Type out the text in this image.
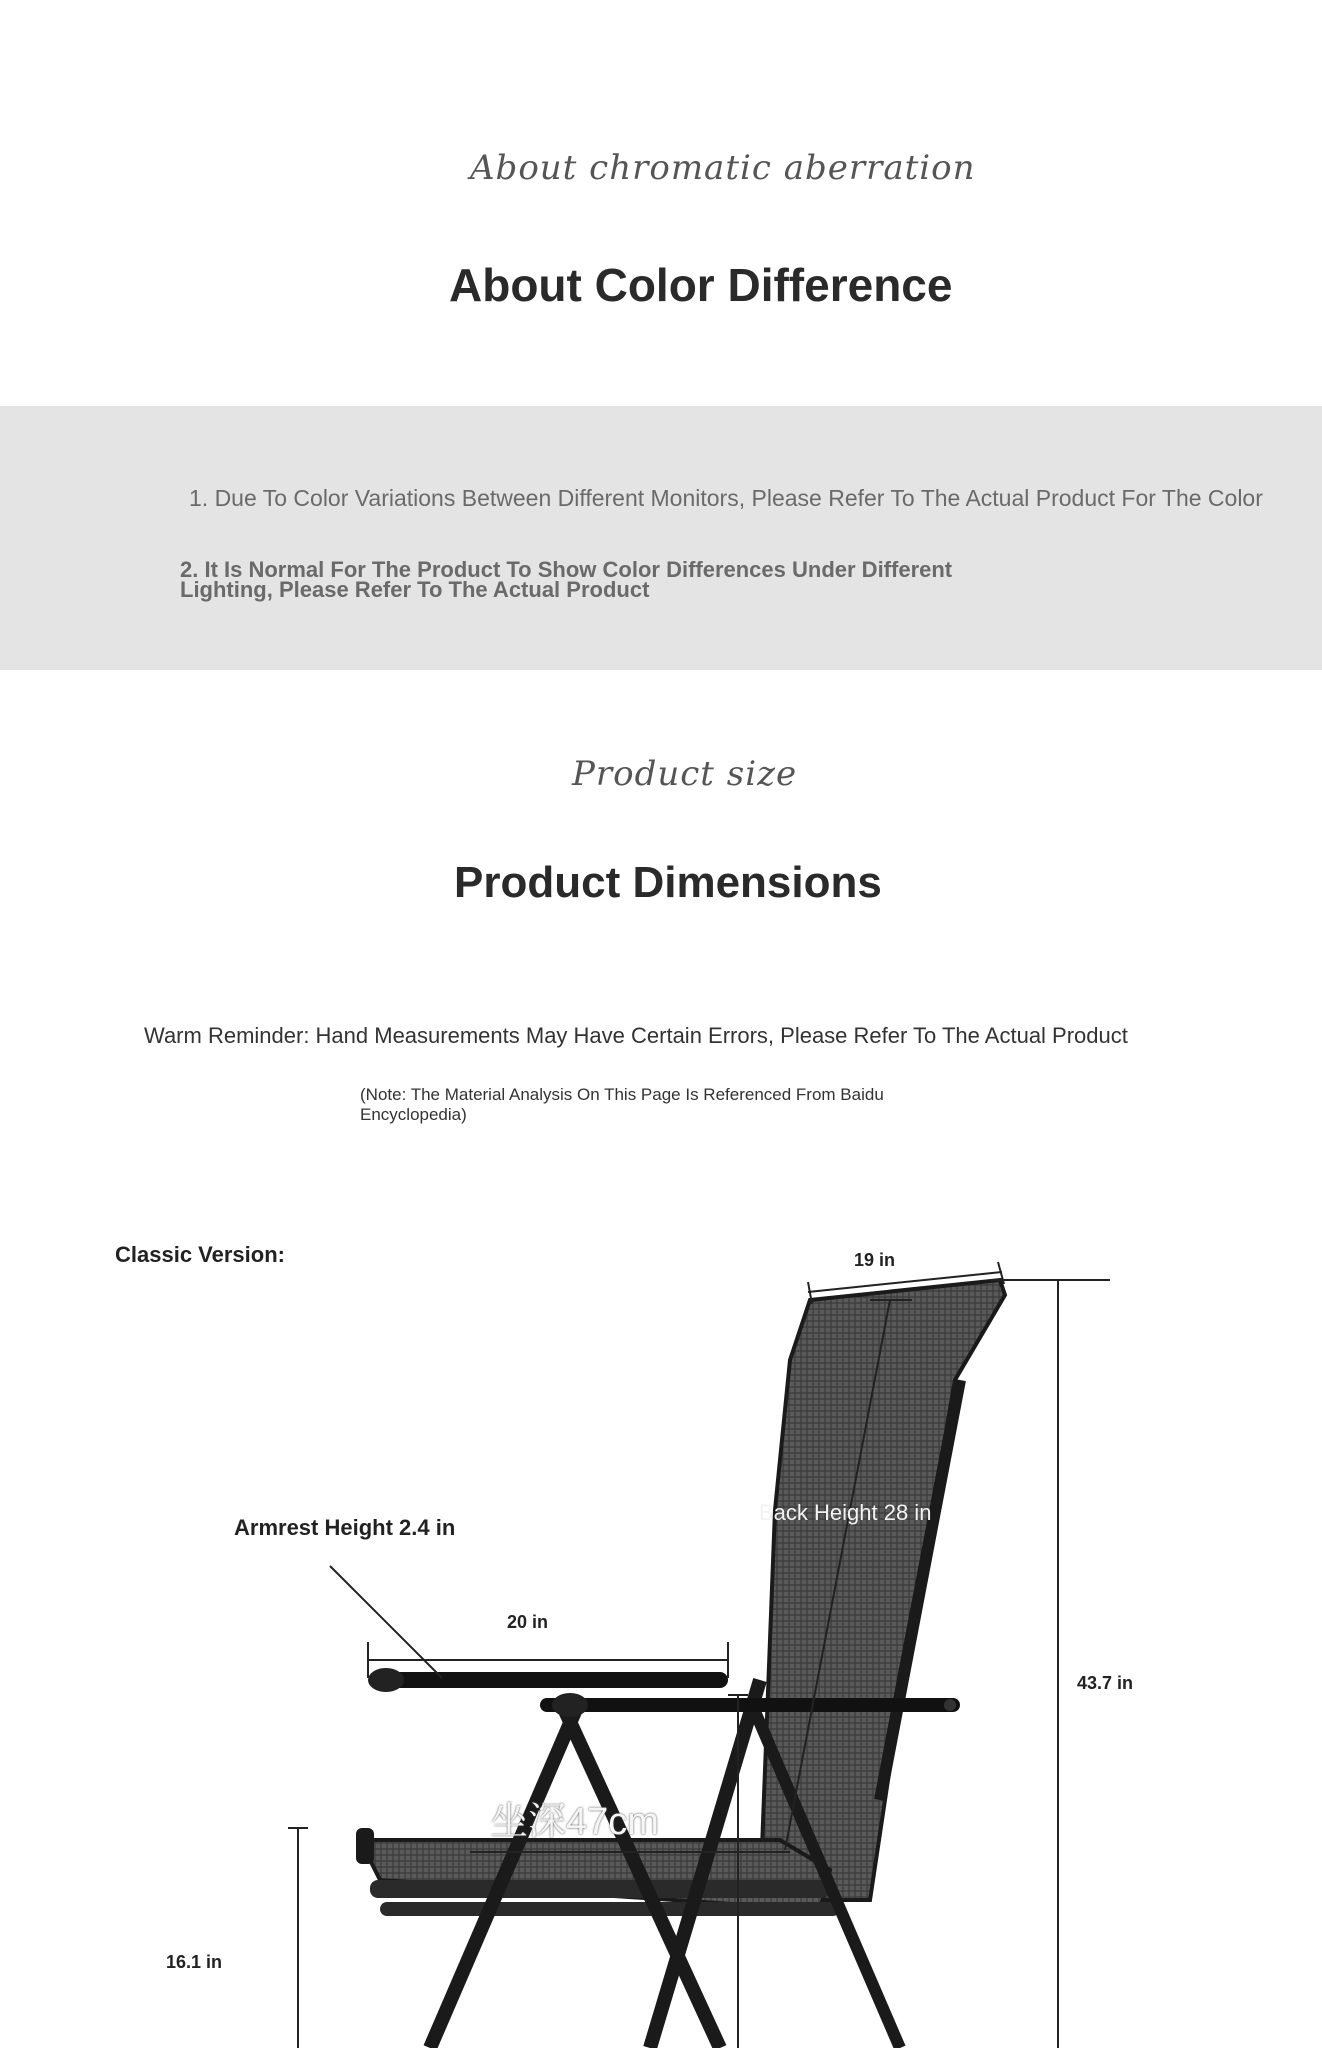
About chromatic aberration
About Color Difference
1. Due To Color Variations Between Different Monitors, Please Refer To The Actual Product For The Color
2. It Is Normal For The Product To Show Color Differences Under Different Lighting, Please Refer To The Actual Product
Product size
Product Dimensions
Warm Reminder: Hand Measurements May Have Certain Errors, Please Refer To The Actual Product
(Note: The Material Analysis On This Page Is Referenced From Baidu Encyclopedia)
Classic Version:	19 in
Back Height 28 in
Armrest Height 2.4 in
20 in
43.7 in
坐深47cm
16.1 in
